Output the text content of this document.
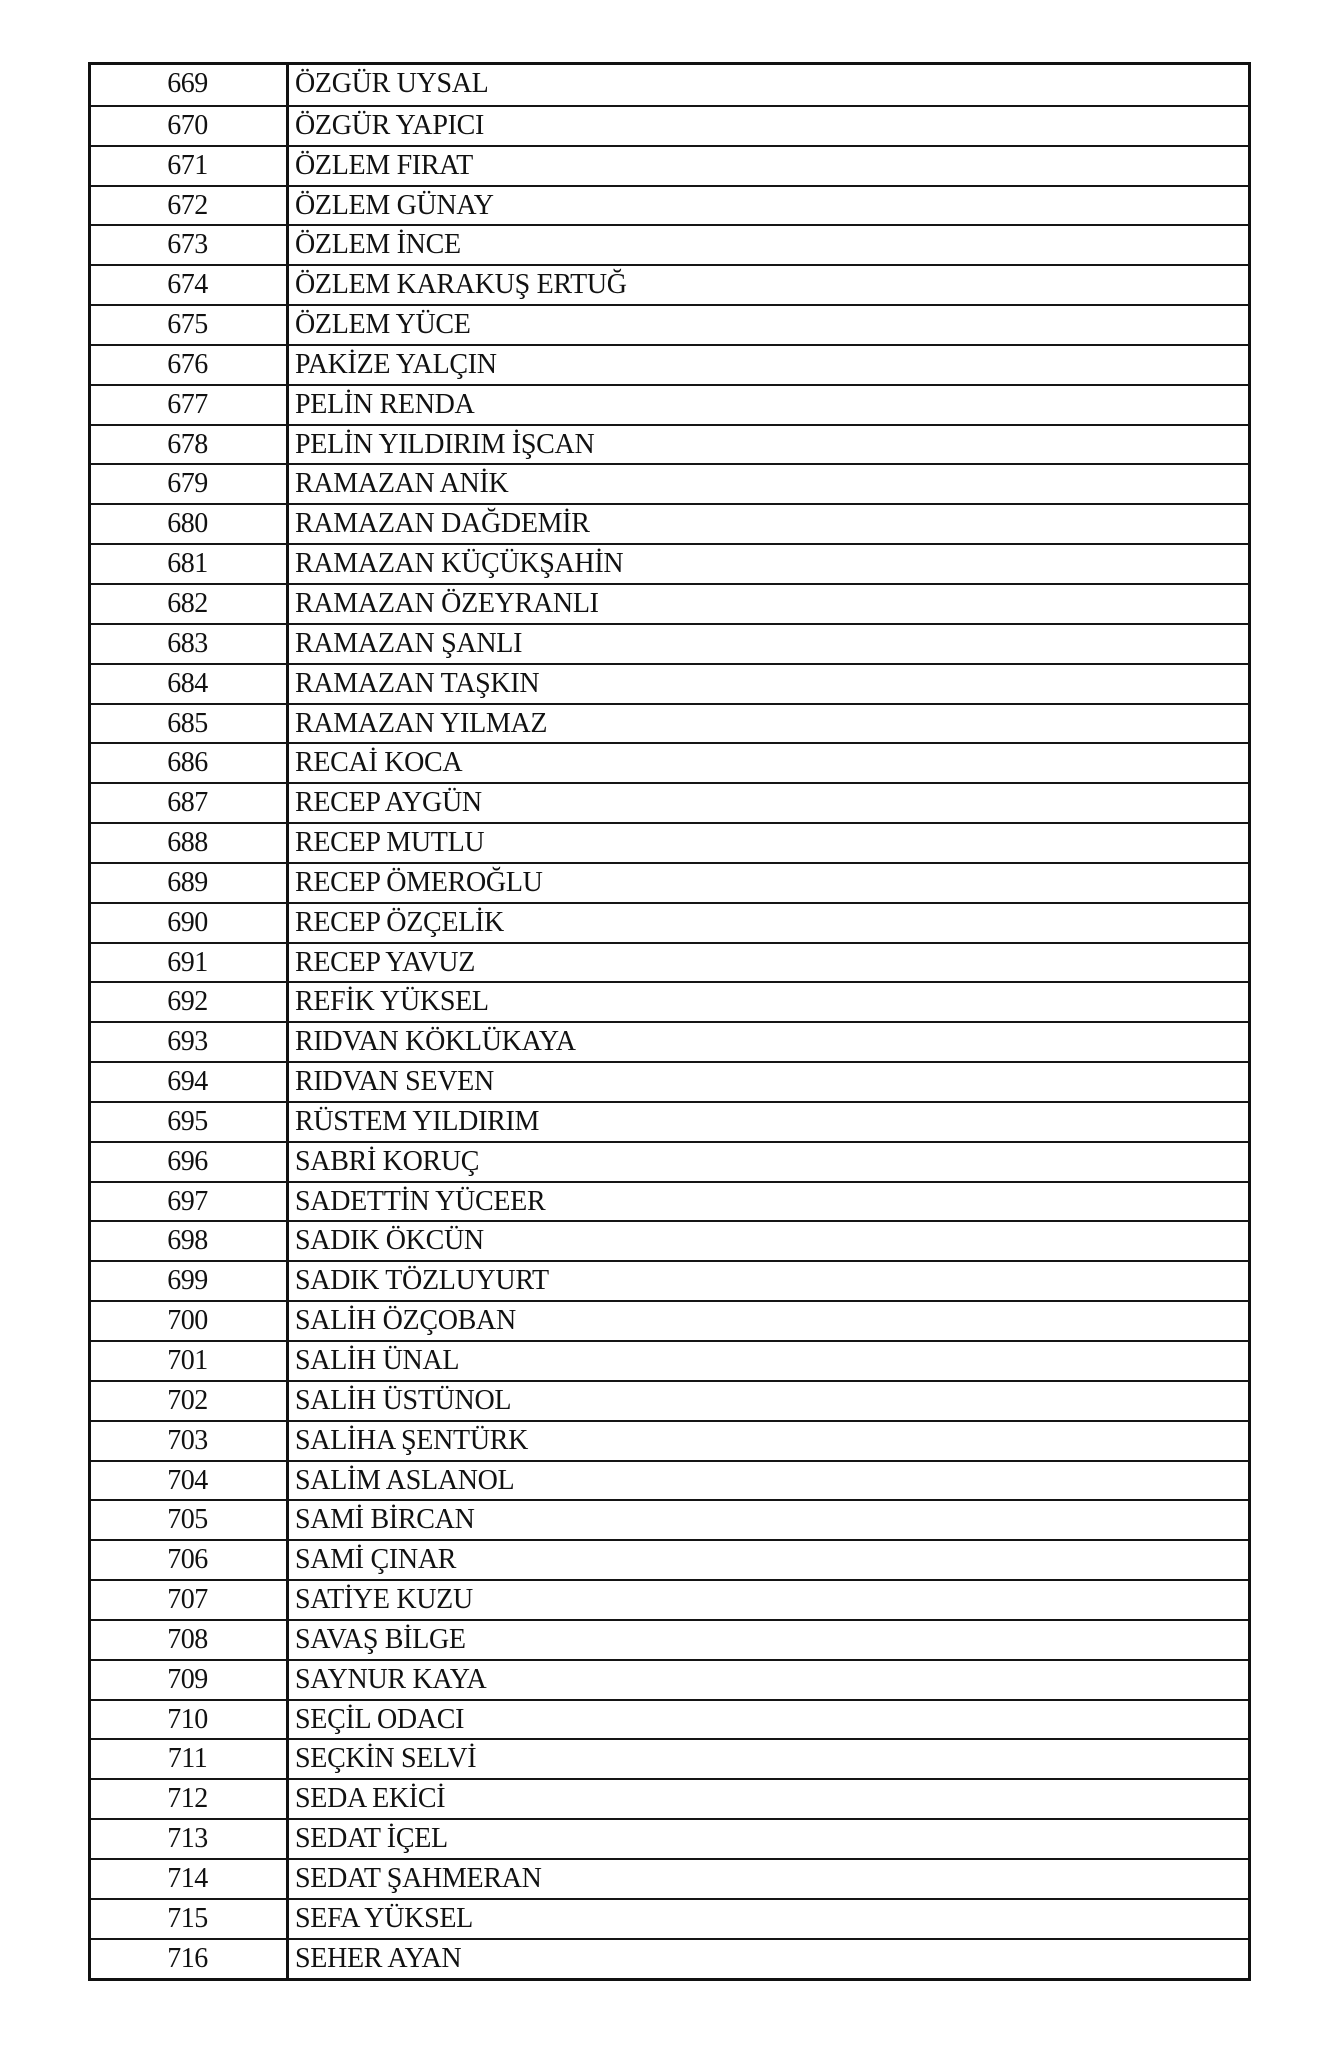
669	ÖZGÜR UYSAL
670	ÖZGÜR YAPICI
671	ÖZLEM FIRAT
672	ÖZLEM GÜNAY
673	ÖZLEM İNCE
674	ÖZLEM KARAKUŞ ERTUĞ
675	ÖZLEM YÜCE
676	PAKİZE YALÇIN
677	PELİN RENDA
678	PELİN YILDIRIM İŞCAN
679	RAMAZAN ANİK
680	RAMAZAN DAĞDEMİR
681	RAMAZAN KÜÇÜKŞAHİN
682	RAMAZAN ÖZEYRANLI
683	RAMAZAN ŞANLI
684	RAMAZAN TAŞKIN
685	RAMAZAN YILMAZ
686	RECAİ KOCA
687	RECEP AYGÜN
688	RECEP MUTLU
689	RECEP ÖMEROĞLU
690	RECEP ÖZÇELİK
691	RECEP YAVUZ
692	REFİK YÜKSEL
693	RIDVAN KÖKLÜKAYA
694	RIDVAN SEVEN
695	RÜSTEM YILDIRIM
696	SABRİ KORUÇ
697	SADETTİN YÜCEER
698	SADIK ÖKCÜN
699	SADIK TÖZLUYURT
700	SALİH ÖZÇOBAN
701	SALİH ÜNAL
702	SALİH ÜSTÜNOL
703	SALİHA ŞENTÜRK
704	SALİM ASLANOL
705	SAMİ BİRCAN
706	SAMİ ÇINAR
707	SATİYE KUZU
708	SAVAŞ BİLGE
709	SAYNUR KAYA
710	SEÇİL ODACI
711	SEÇKİN SELVİ
712	SEDA EKİCİ
713	SEDAT İÇEL
714	SEDAT ŞAHMERAN
715	SEFA YÜKSEL
716	SEHER AYAN
